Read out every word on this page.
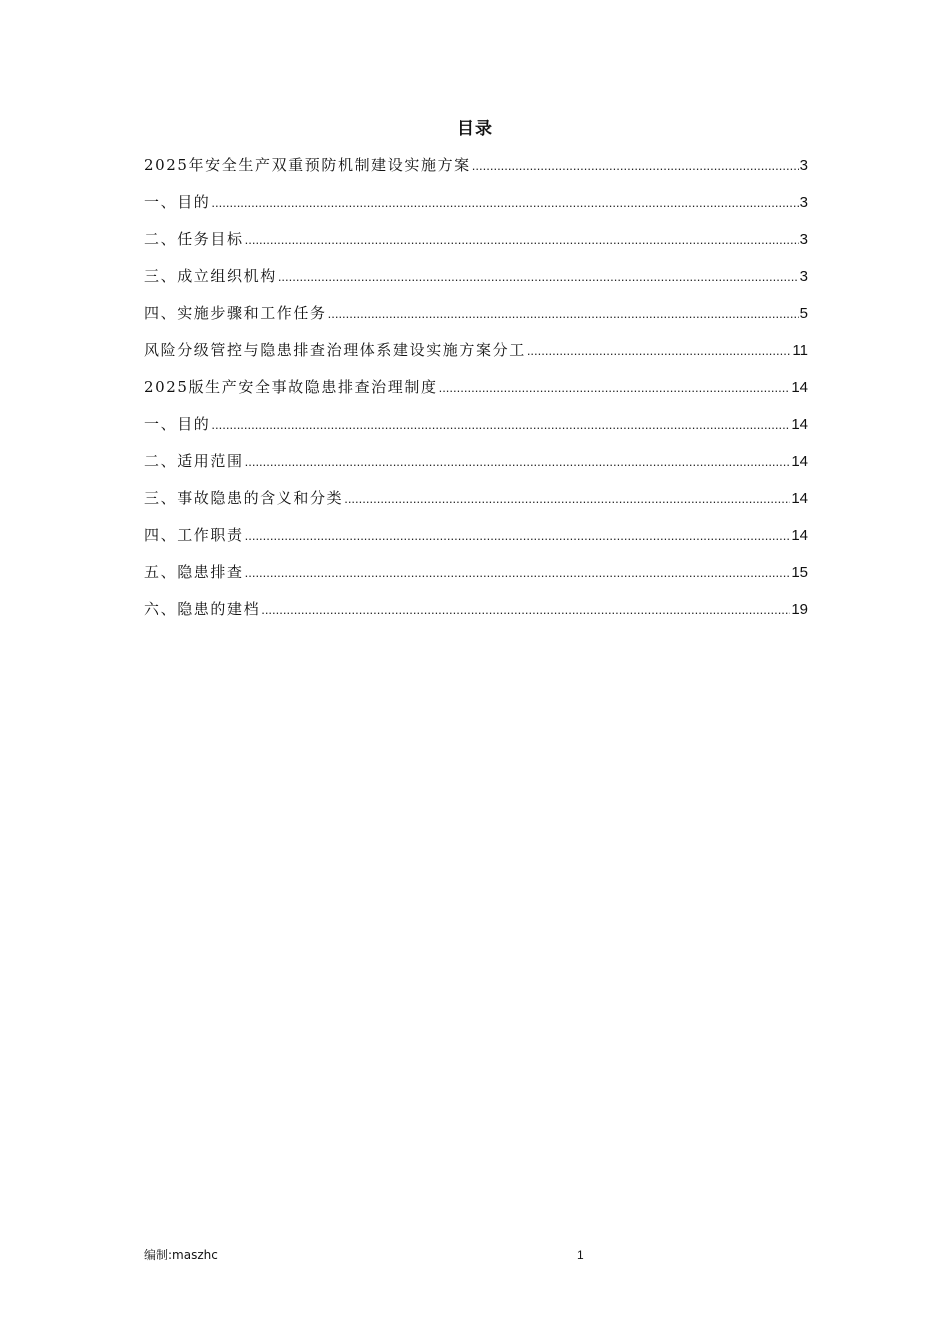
目录
2025年安全生产双重预防机制建设实施方案 .....	3
一、目的 .....	3
二、任务目标 .....	3
三、成立组织机构 .....	3
四、实施步骤和工作任务 .....	5
风险分级管控与隐患排查治理体系建设实施方案分工 .....	11
2025版生产安全事故隐患排查治理制度 .....	14
一、目的 .....	14
二、适用范围 .....	14
三、事故隐患的含义和分类 .....	14
四、工作职责 .....	14
五、隐患排查 .....	15
六、隐患的建档 .....	19
编制:maszhc	1
